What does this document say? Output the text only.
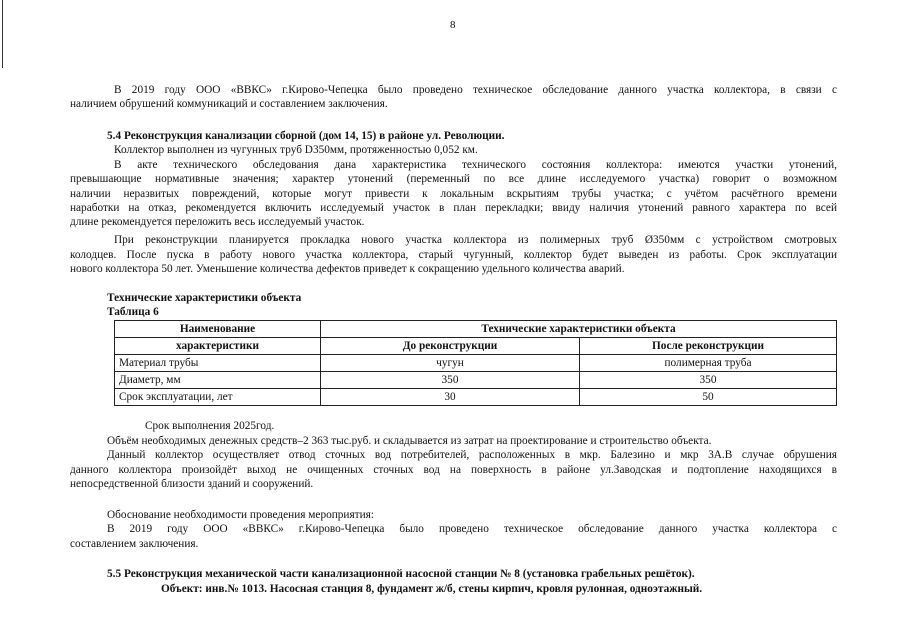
8
В 2019 году ООО «ВВКС» г.Кирово-Чепецка было проведено техническое обследование данного участка коллектора, в связи с
наличием обрушений коммуникаций и составлением заключения.
5.4 Реконструкция канализации сборной (дом 14, 15) в районе ул. Революции.
Коллектор выполнен из чугунных труб D350мм, протяженностью 0,052 км.
В акте технического обследования дана характеристика технического состояния коллектора: имеются участки утонений,
превышающие нормативные значения; характер утонений (переменный по все длине исследуемого участка) говорит о возможном
наличии неразвитых повреждений, которые могут привести к локальным вскрытиям трубы участка; с учётом расчётного времени
наработки на отказ, рекомендуется включить исследуемый участок в план перекладки; ввиду наличия утонений равного характера по всей
длине рекомендуется переложить весь исследуемый участок.
При реконструкции планируется прокладка нового участка коллектора из полимерных труб Ø350мм с устройством смотровых
колодцев. После пуска в работу нового участка коллектора, старый чугунный, коллектор будет выведен из работы. Срок эксплуатации
нового коллектора 50 лет. Уменьшение количества дефектов приведет к сокращению удельного количества аварий.
Технические характеристики объекта
Таблица 6
Наименование	Технические характеристики объекта	
характеристики	До реконструкции	После реконструкции
Материал трубы	чугун	полимерная труба
Диаметр, мм	350	350
Срок эксплуатации, лет	30	50
Срок выполнения 2025год.
Объём необходимых денежных средств–2 363 тыс.руб. и складывается из затрат на проектирование и строительство объекта.
Данный коллектор осуществляет отвод сточных вод потребителей, расположенных в мкр. Балезино и мкр 3А.В случае обрушения
данного коллектора произойдёт выход не очищенных сточных вод на поверхность в районе ул.Заводская и подтопление находящихся в
непосредственной близости зданий и сооружений.
Обоснование необходимости проведения мероприятия:
В 2019 году ООО «ВВКС» г.Кирово-Чепецка было проведено техническое обследование данного участка коллектора с
составлением заключения.
5.5 Реконструкция механической части канализационной насосной станции № 8 (установка грабельных решёток).
Объект: инв.№ 1013. Насосная станция 8, фундамент ж/б, стены кирпич, кровля рулонная, одноэтажный.
